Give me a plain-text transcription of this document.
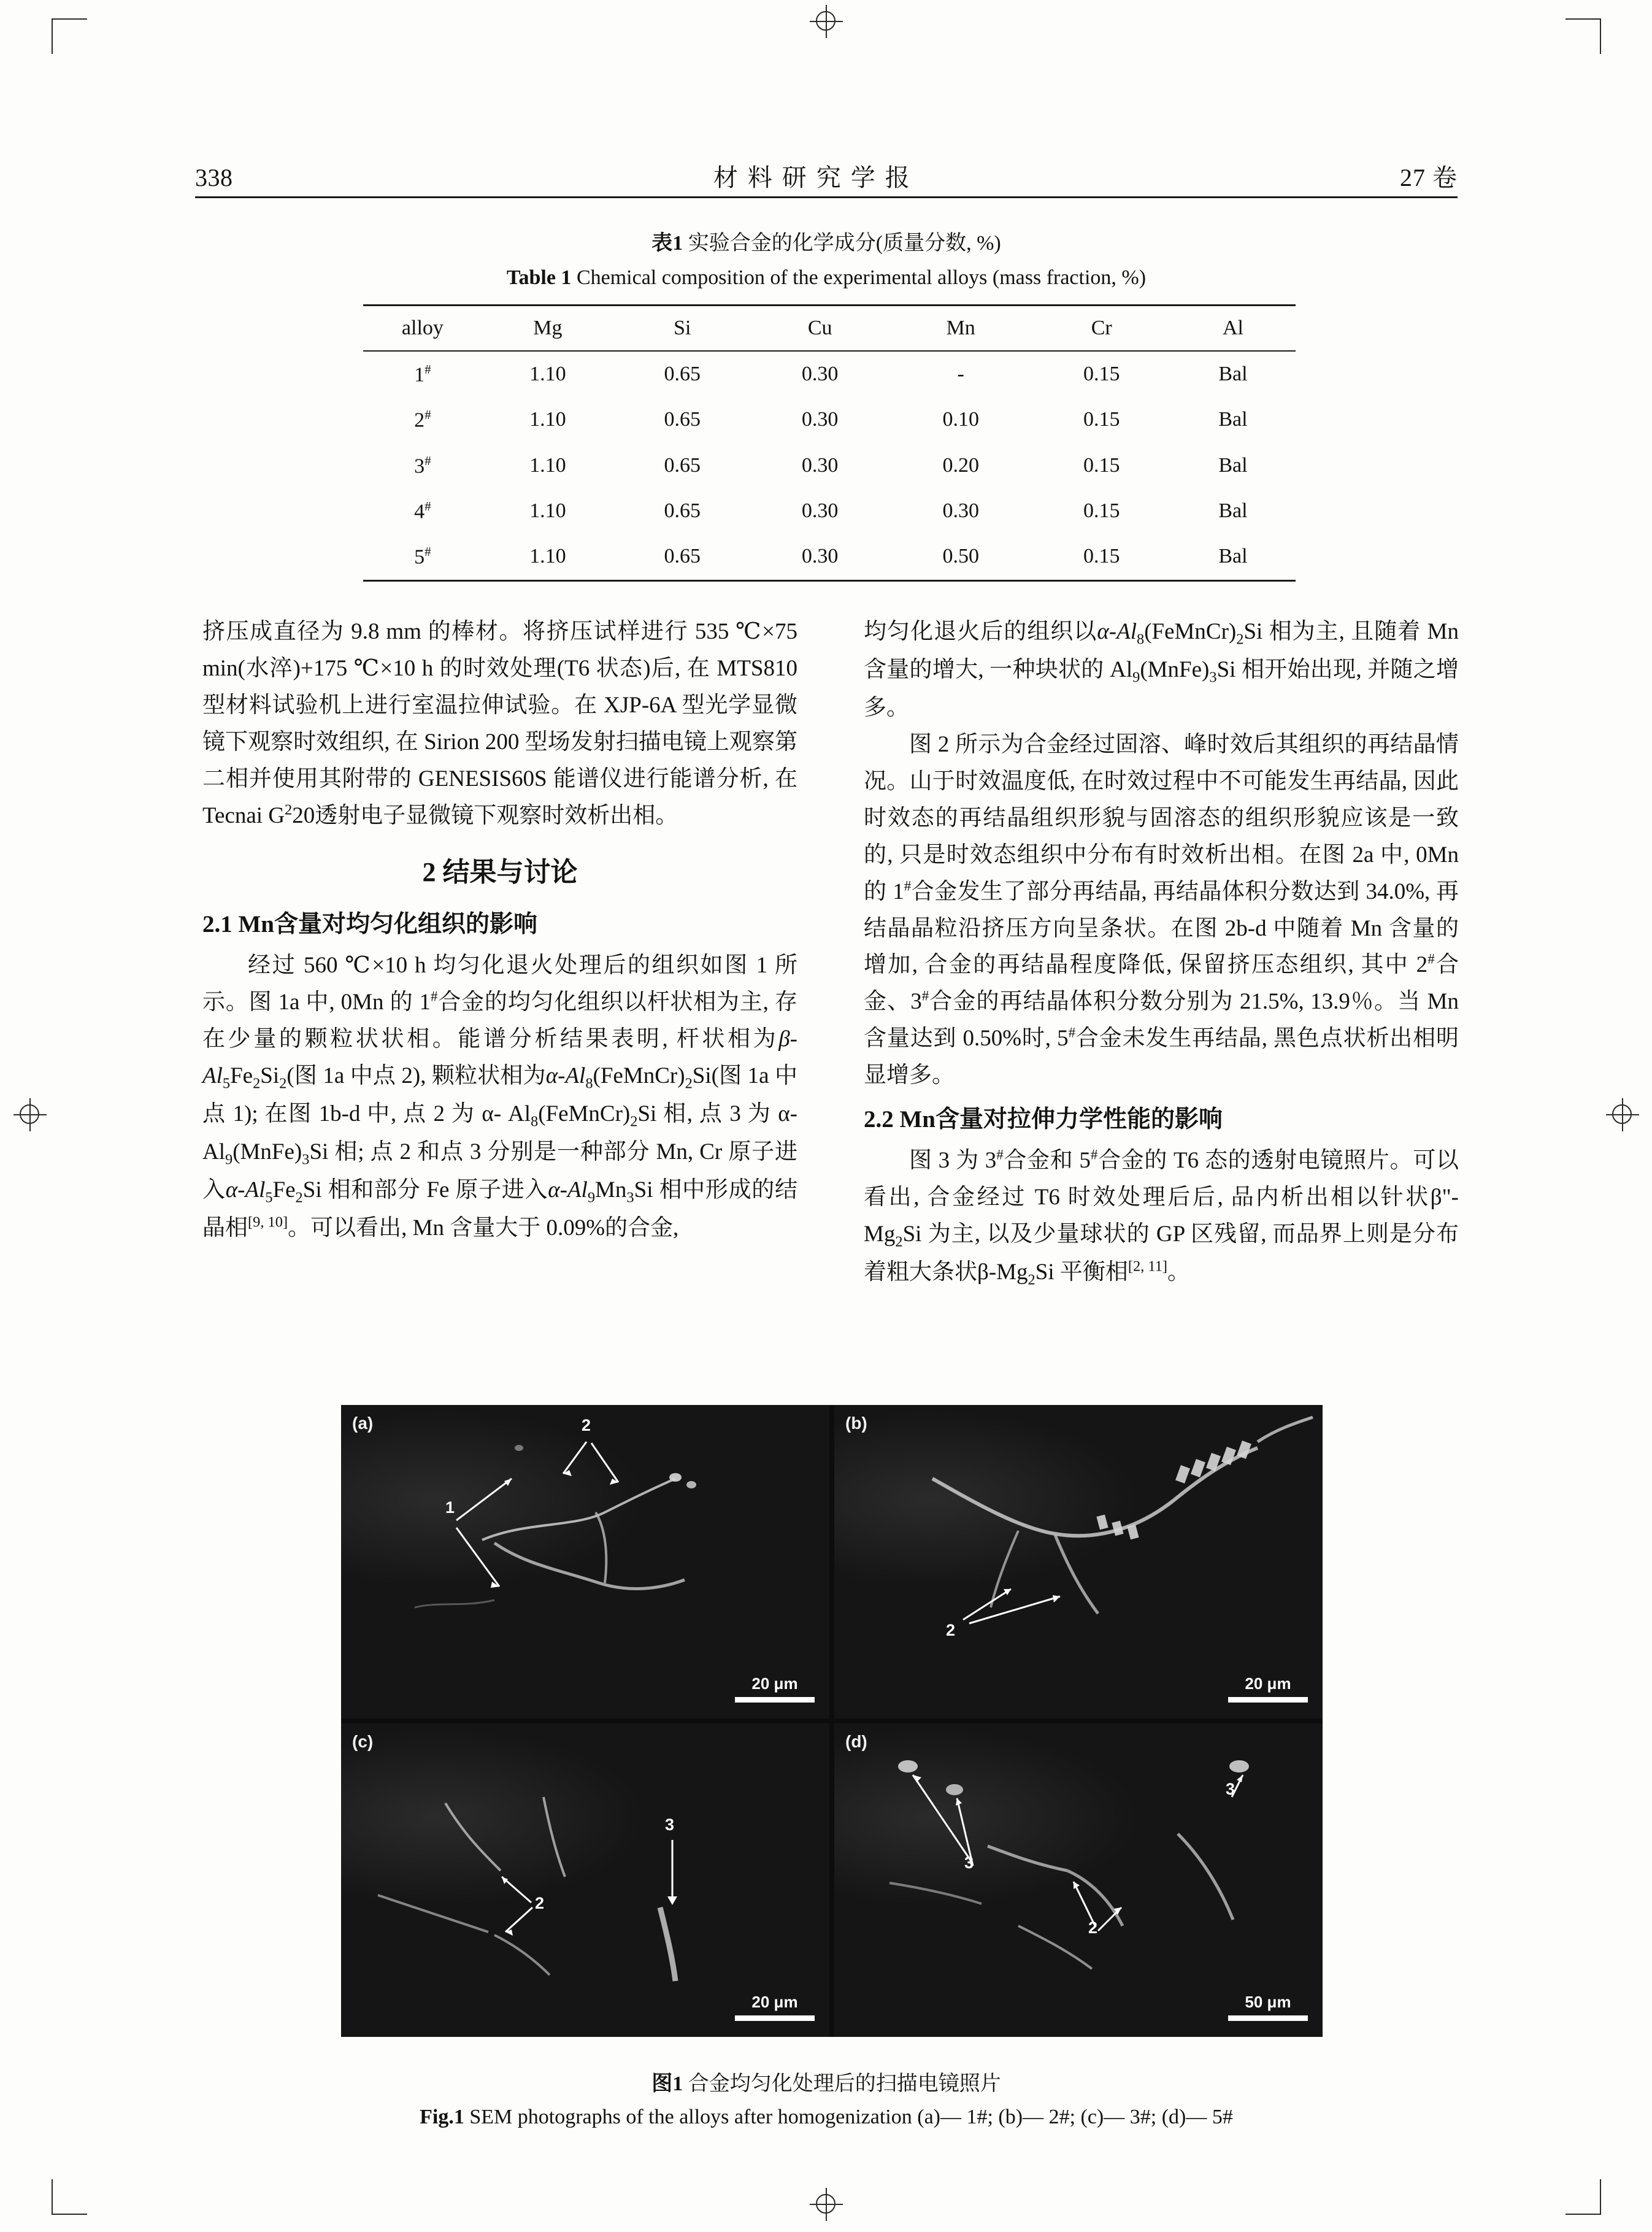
338	材料研究学报	27 卷
表1 实验合金的化学成分(质量分数, %)
Table 1 Chemical composition of the experimental alloys (mass fraction, %)
alloy	Mg	Si	Cu	Mn	Cr	Al
1#	1.10	0.65	0.30	-	0.15	Bal
2#	1.10	0.65	0.30	0.10	0.15	Bal
3#	1.10	0.65	0.30	0.20	0.15	Bal
4#	1.10	0.65	0.30	0.30	0.15	Bal
5#	1.10	0.65	0.30	0.50	0.15	Bal

挤压成直径为 9.8 mm 的棒材。将挤压试样进行 535 ℃×75 min(水淬)+175 ℃×10 h 的时效处理(T6 状态)后, 在 MTS810 型材料试验机上进行室温拉伸试验。在 XJP-6A 型光学显微镜下观察时效组织, 在 Sirion 200 型场发射扫描电镜上观察第二相并使用其附带的 GENESIS60S 能谱仪进行能谱分析, 在 Tecnai $G^220$透射电子显微镜下观察时效析出相。

2 结果与讨论
2.1 Mn含量对均匀化组织的影响

经过 560 ℃×10 h 均匀化退火处理后的组织如图 1 所示。图 1a 中, 0Mn 的 1#合金的均匀化组织以杆状相为主, 存在少量的颗粒状状相。能谱分析结果表明, 杆状相为$\beta-Al_5Fe_2Si_2$(图 1a 中点 2), 颗粒状相为$\alpha-Al_8(FeMnCr)_2Si$(图 1a 中点 1); 在图 1b-d 中, 点 2 为 α- $Al_8(FeMnCr)_2Si$ 相, 点 3 为 $\alpha-Al_9(MnFe)_3Si$ 相; 点 2 和点 3 分别是一种部分 Mn, Cr 原子进入$\alpha-Al_5Fe_2Si$ 相和部分 Fe 原子进入$\alpha-Al_9Mn_3Si$ 相中形成的结晶相[9, 10]。可以看出, Mn 含量大于 0.09%的合金,

均匀化退火后的组织以$\alpha-Al_8(FeMnCr)_2Si$ 相为主, 且随着 Mn 含量的增大, 一种块状的 $Al_9(MnFe)_3Si$ 相开始出现, 并随之增多。

图 2 所示为合金经过固溶、峰时效后其组织的再结晶情况。山于时效温度低, 在时效过程中不可能发生再结晶, 因此时效态的再结晶组织形貌与固溶态的组织形貌应该是一致的, 只是时效态组织中分布有时效析出相。在图 2a 中, 0Mn 的 1#合金发生了部分再结晶, 再结晶体积分数达到 34.0%, 再结晶晶粒沿挤压方向呈条状。在图 2b-d 中随着 Mn 含量的增加, 合金的再结晶程度降低, 保留挤压态组织, 其中 2#合金、3#合金的再结晶体积分数分别为 21.5%, 13.9％。当 Mn 含量达到 0.50%时, 5#合金未发生再结晶, 黑色点状析出相明显增多。

2.2 Mn含量对拉伸力学性能的影响

图 3 为 3#合金和 5#合金的 T6 态的透射电镜照片。可以看出, 合金经过 T6 时效处理后后, 品内析出相以针状$\beta"-Mg_2Si$ 为主, 以及少量球状的 GP 区残留, 而品界上则是分布着粗大条状$\beta-Mg_2Si$ 平衡相[2, 11]。

(a)
1
2
20 μm
(b)
2
20 μm
(c)
2
3
20 μm
(d)
3
3
2
50 μm
图1 合金均匀化处理后的扫描电镜照片
Fig.1 SEM photographs of the alloys after homogenization (a)— 1#; (b)— 2#; (c)— 3#; (d)— 5#
